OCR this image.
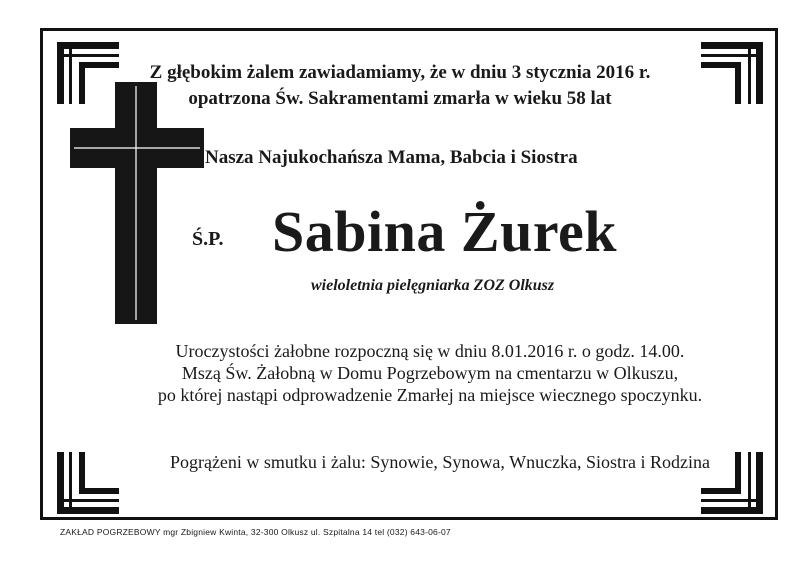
Z głębokim żalem zawiadamiamy, że w dniu 3 stycznia 2016 r.
opatrzona Św. Sakramentami zmarła w wieku 58 lat
Nasza Najukochańsza Mama, Babcia i Siostra
Ś.P. Sabina Żurek
wieloletnia pielęgniarka ZOZ Olkusz
Uroczystości żałobne rozpoczną się w dniu 8.01.2016 r. o godz. 14.00.
Mszą Św. Żałobną w Domu Pogrzebowym na cmentarzu w Olkuszu,
po której nastąpi odprowadzenie Zmarłej na miejsce wiecznego spoczynku.
Pogrążeni w smutku i żalu: Synowie, Synowa, Wnuczka, Siostra i Rodzina
ZAKŁAD POGRZEBOWY mgr Zbigniew Kwinta, 32-300 Olkusz ul. Szpitalna 14 tel (032) 643-06-07
